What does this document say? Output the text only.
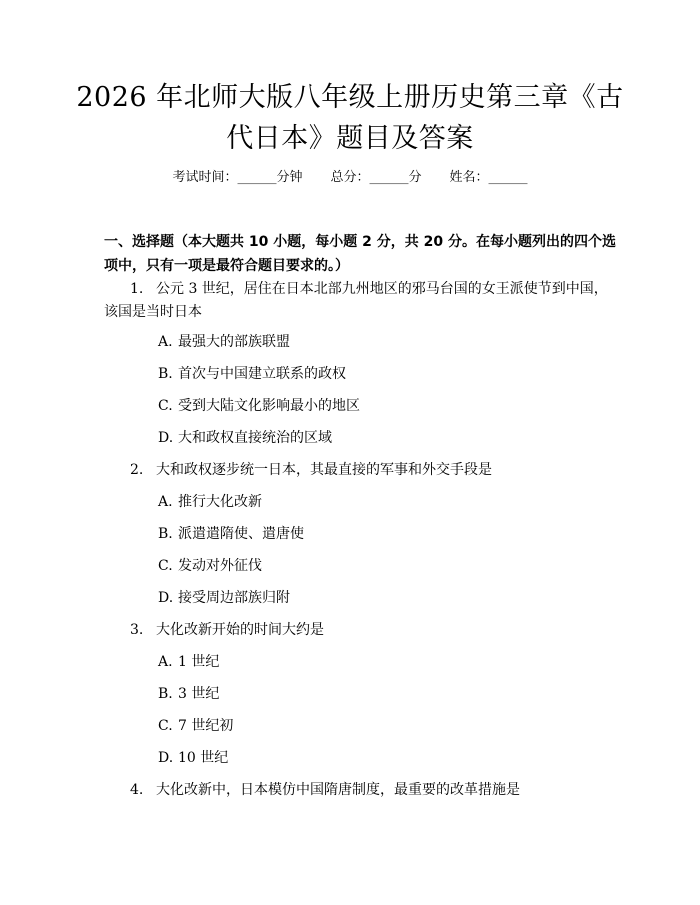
2026 年北师大版八年级上册历史第三章《古
代日本》题目及答案
考试时间：______分钟 总分：______分 姓名：______
一、选择题（本大题共 10 小题，每小题 2 分，共 20 分。在每小题列出的四个选
项中，只有一项是最符合题目要求的。）
1. 公元 3 世纪，居住在日本北部九州地区的邪马台国的女王派使节到中国，
该国是当时日本
A. 最强大的部族联盟
B. 首次与中国建立联系的政权
C. 受到大陆文化影响最小的地区
D. 大和政权直接统治的区域
2. 大和政权逐步统一日本，其最直接的军事和外交手段是
A. 推行大化改新
B. 派遣遣隋使、遣唐使
C. 发动对外征伐
D. 接受周边部族归附
3. 大化改新开始的时间大约是
A. 1 世纪
B. 3 世纪
C. 7 世纪初
D. 10 世纪
4. 大化改新中，日本模仿中国隋唐制度，最重要的改革措施是
